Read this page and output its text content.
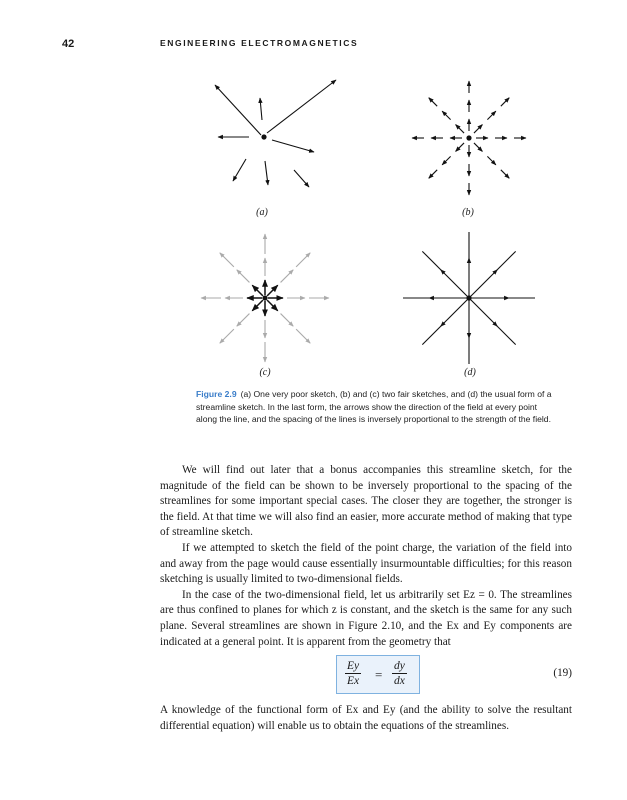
42	ENGINEERING ELECTROMAGNETICS
(a)	(b)
(c)	(d)
Figure 2.9 (a) One very poor sketch, (b) and (c) two fair sketches, and (d) the usual form of a streamline sketch. In the last form, the arrows show the direction of the field at every point along the line, and the spacing of the lines is inversely proportional to the strength of the field.

We will find out later that a bonus accompanies this streamline sketch, for the magnitude of the field can be shown to be inversely proportional to the spacing of the streamlines for some important special cases. The closer they are together, the stronger is the field. At that time we will also find an easier, more accurate method of making that type of streamline sketch.

If we attempted to sketch the field of the point charge, the variation of the field into and away from the page would cause essentially insurmountable difficulties; for this reason sketching is usually limited to two-dimensional fields.

In the case of the two-dimensional field, let us arbitrarily set Ez = 0. The streamlines are thus confined to planes for which z is constant, and the sketch is the same for any such plane. Several streamlines are shown in Figure 2.10, and the Ex and Ey components are indicated at a general point. It is apparent from the geometry that

$\frac{Ey}{Ex} = \frac{dy}{dx}$	(19)

A knowledge of the functional form of Ex and Ey (and the ability to solve the resultant differential equation) will enable us to obtain the equations of the streamlines.
